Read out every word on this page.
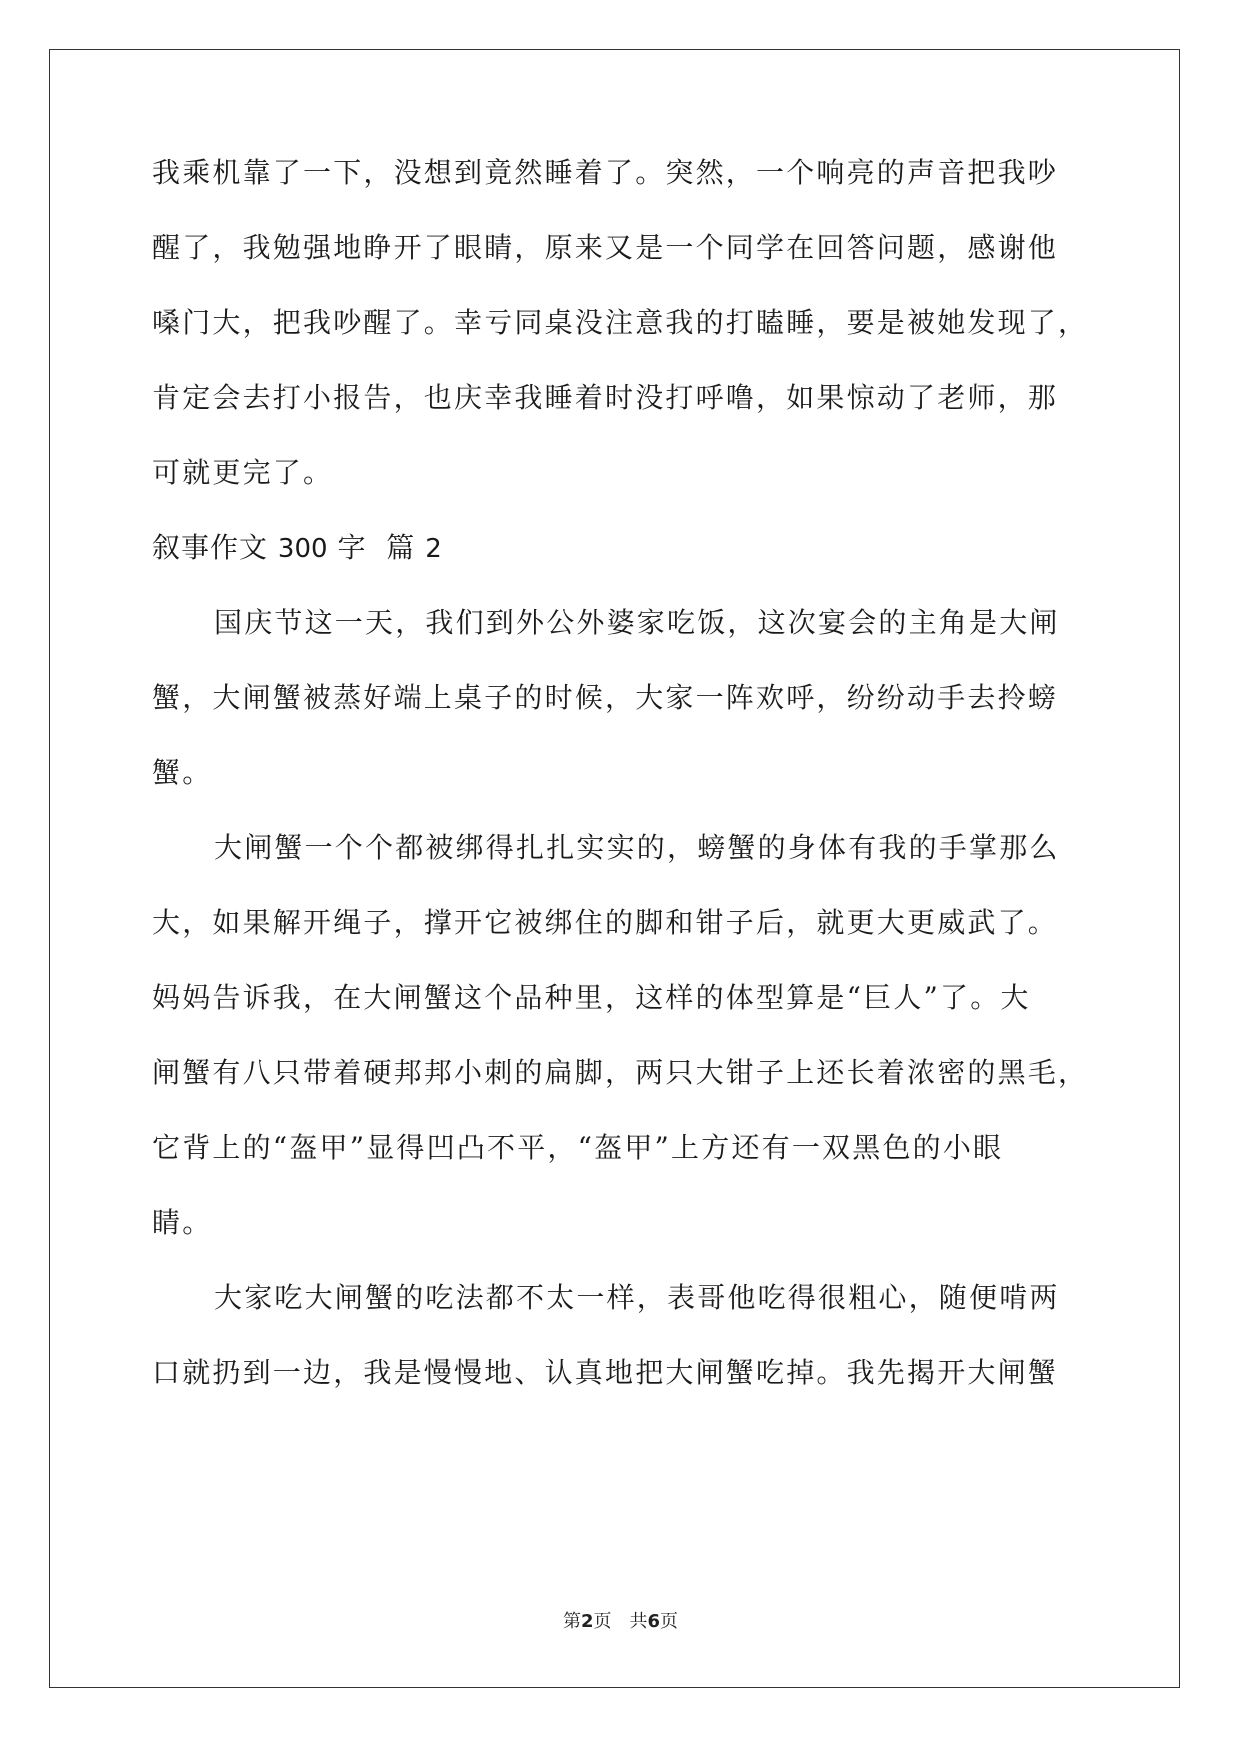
我乘机靠了一下，没想到竟然睡着了。突然，一个响亮的声音把我吵
醒了，我勉强地睁开了眼睛，原来又是一个同学在回答问题，感谢他
嗓门大，把我吵醒了。幸亏同桌没注意我的打瞌睡，要是被她发现了，
肯定会去打小报告，也庆幸我睡着时没打呼噜，如果惊动了老师，那
可就更完了。
叙事作文 300 字 篇 2
国庆节这一天，我们到外公外婆家吃饭，这次宴会的主角是大闸
蟹，大闸蟹被蒸好端上桌子的时候，大家一阵欢呼，纷纷动手去拎螃
蟹。
大闸蟹一个个都被绑得扎扎实实的，螃蟹的身体有我的手掌那么
大，如果解开绳子，撑开它被绑住的脚和钳子后，就更大更威武了。
妈妈告诉我，在大闸蟹这个品种里，这样的体型算是“巨人”了。大
闸蟹有八只带着硬邦邦小刺的扁脚，两只大钳子上还长着浓密的黑毛，
它背上的“盔甲”显得凹凸不平，“盔甲”上方还有一双黑色的小眼
睛。
大家吃大闸蟹的吃法都不太一样，表哥他吃得很粗心，随便啃两
口就扔到一边，我是慢慢地、认真地把大闸蟹吃掉。我先揭开大闸蟹
第2页 共6页
